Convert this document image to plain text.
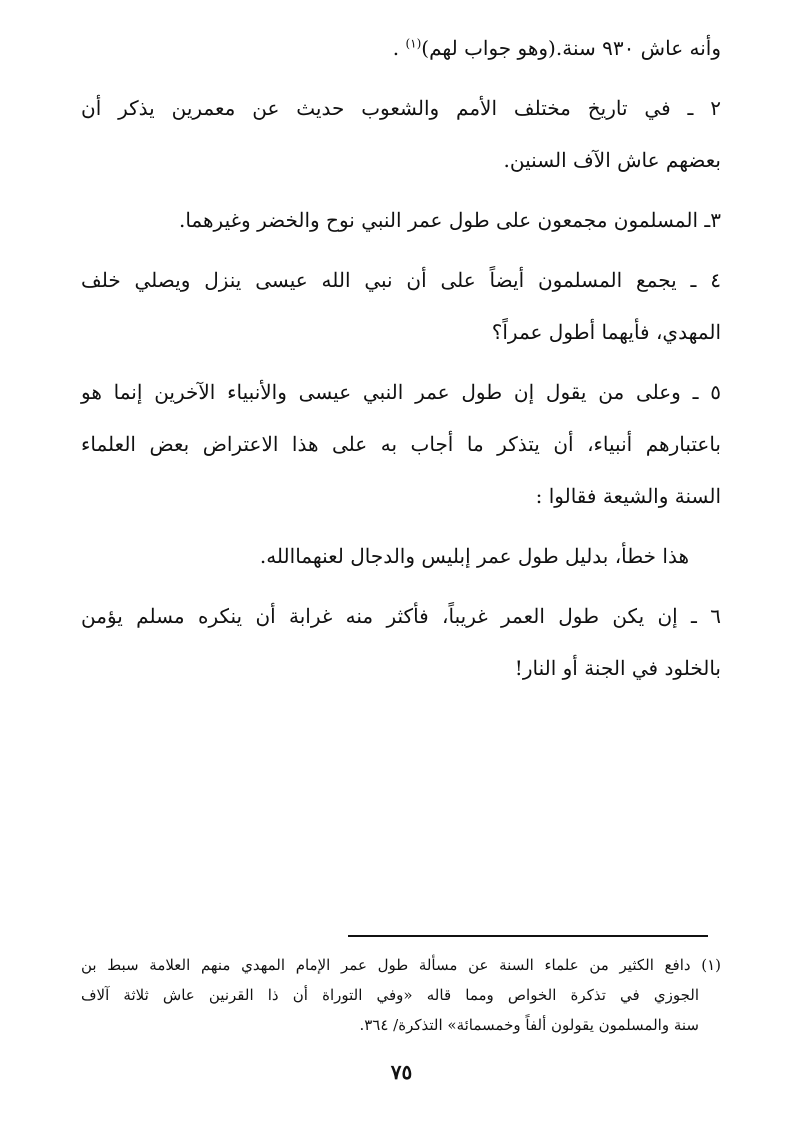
وأنه عاش ٩٣٠ سنة.(وهو جواب لهم)$^{(١)}$ .

٢ ـ في تاريخ مختلف الأمم والشعوب حديث عن معمرين يذكر أن
بعضهم عاش الآف السنين.

٣ـ المسلمون مجمعون على طول عمر النبي نوح والخضر وغيرهما.

٤ ـ يجمع المسلمون أيضاً على أن نبي الله عيسى ينزل ويصلي خلف
المهدي، فأيهما أطول عمراً؟

٥ ـ وعلى من يقول إن طول عمر النبي عيسى والأنبياء الآخرين إنما هو
باعتبارهم أنبياء، أن يتذكر ما أجاب به على هذا الاعتراض بعض العلماء
السنة والشيعة فقالوا :

هذا خطأ، بدليل طول عمر إبليس والدجال لعنهماالله.

٦ ـ إن يكن طول العمر غريباً، فأكثر منه غرابة أن ينكره مسلم يؤمن
بالخلود في الجنة أو النار!

(١) دافع الكثير من علماء السنة عن مسألة طول عمر الإمام المهدي منهم العلامة سبط بن
الجوزي في تذكرة الخواص ومما قاله «وفي التوراة أن ذا القرنين عاش ثلاثة آلاف
سنة والمسلمون يقولون ألفاً وخمسمائة» التذكرة/ ٣٦٤.
٧٥
